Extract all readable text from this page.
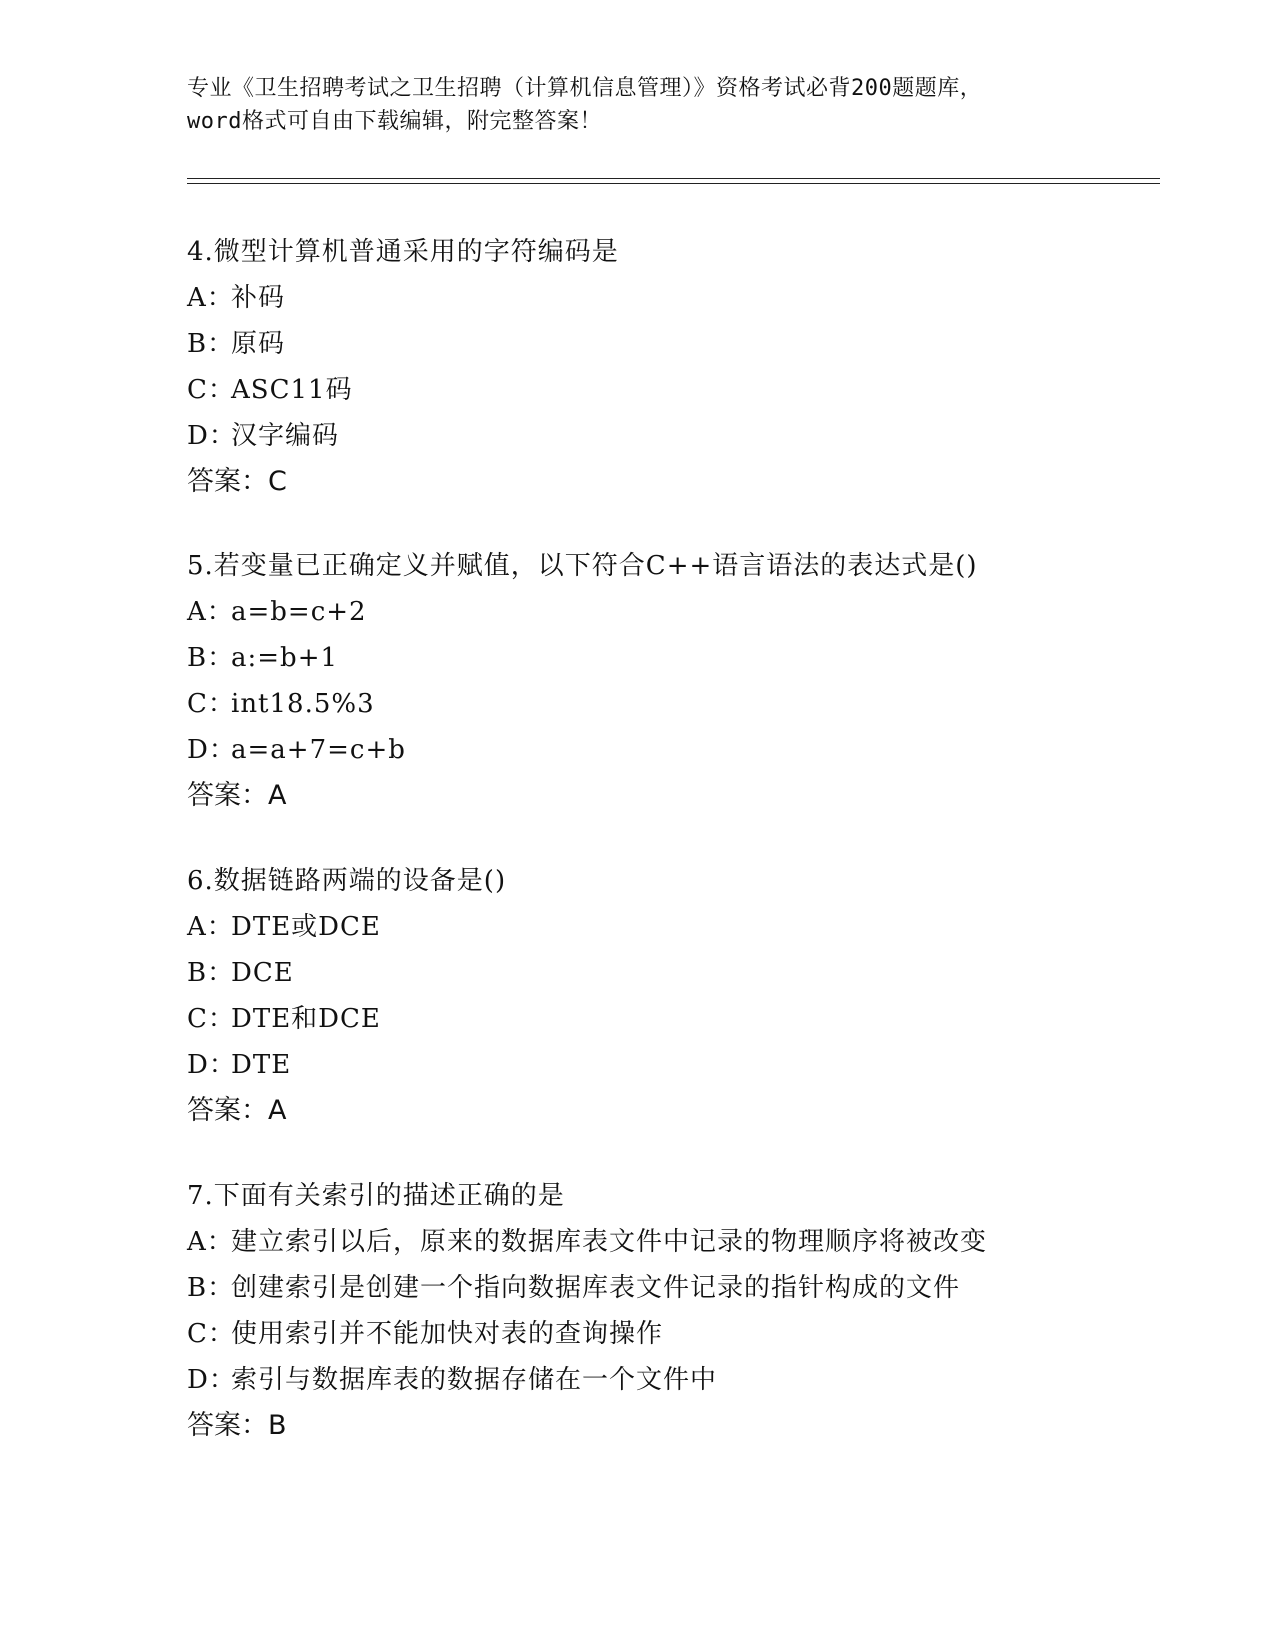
专业《卫生招聘考试之卫生招聘（计算机信息管理）》资格考试必背200题题库，
word格式可自由下载编辑，附完整答案！
4.微型计算机普通采用的字符编码是
A：补码
B：原码
C：ASC11码
D：汉字编码
答案：C
5.若变量已正确定义并赋值，以下符合C++语言语法的表达式是()
A：a=b=c+2
B：a:=b+1
C：int18.5%3
D：a=a+7=c+b
答案：A
6.数据链路两端的设备是()
A：DTE或DCE
B：DCE
C：DTE和DCE
D：DTE
答案：A
7.下面有关索引的描述正确的是
A：建立索引以后，原来的数据库表文件中记录的物理顺序将被改变
B：创建索引是创建一个指向数据库表文件记录的指针构成的文件
C：使用索引并不能加快对表的查询操作
D：索引与数据库表的数据存储在一个文件中
答案：B
